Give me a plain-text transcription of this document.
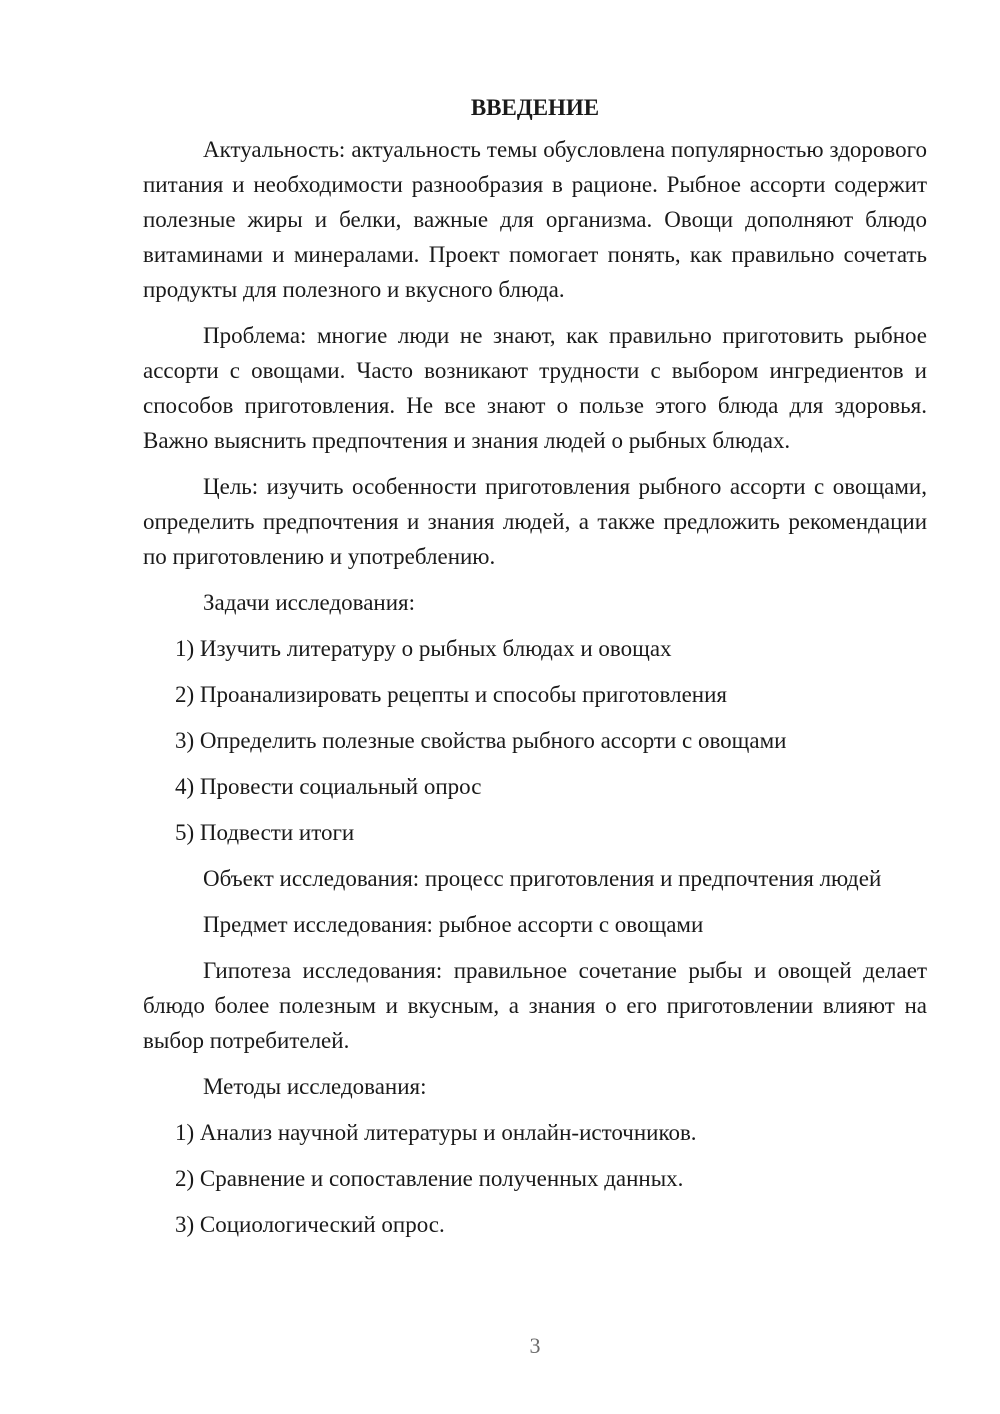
ВВЕДЕНИЕ

Актуальность: актуальность темы обусловлена популярностью здорового питания и необходимости разнообразия в рационе. Рыбное ассорти содержит полезные жиры и белки, важные для организма. Овощи дополняют блюдо витаминами и минералами. Проект помогает понять, как правильно сочетать продукты для полезного и вкусного блюда.

Проблема: многие люди не знают, как правильно приготовить рыбное ассорти с овощами. Часто возникают трудности с выбором ингредиентов и способов приготовления. Не все знают о пользе этого блюда для здоровья. Важно выяснить предпочтения и знания людей о рыбных блюдах.

Цель: изучить особенности приготовления рыбного ассорти с овощами, определить предпочтения и знания людей, а также предложить рекомендации по приготовлению и употреблению.

Задачи исследования:

1) Изучить литературу о рыбных блюдах и овощах

2) Проанализировать рецепты и способы приготовления

3) Определить полезные свойства рыбного ассорти с овощами

4) Провести социальный опрос

5) Подвести итоги

Объект исследования: процесс приготовления и предпочтения людей

Предмет исследования: рыбное ассорти с овощами

Гипотеза исследования: правильное сочетание рыбы и овощей делает блюдо более полезным и вкусным, а знания о его приготовлении влияют на выбор потребителей.

Методы исследования:

1) Анализ научной литературы и онлайн-источников.

2) Сравнение и сопоставление полученных данных.

3) Социологический опрос.

3
